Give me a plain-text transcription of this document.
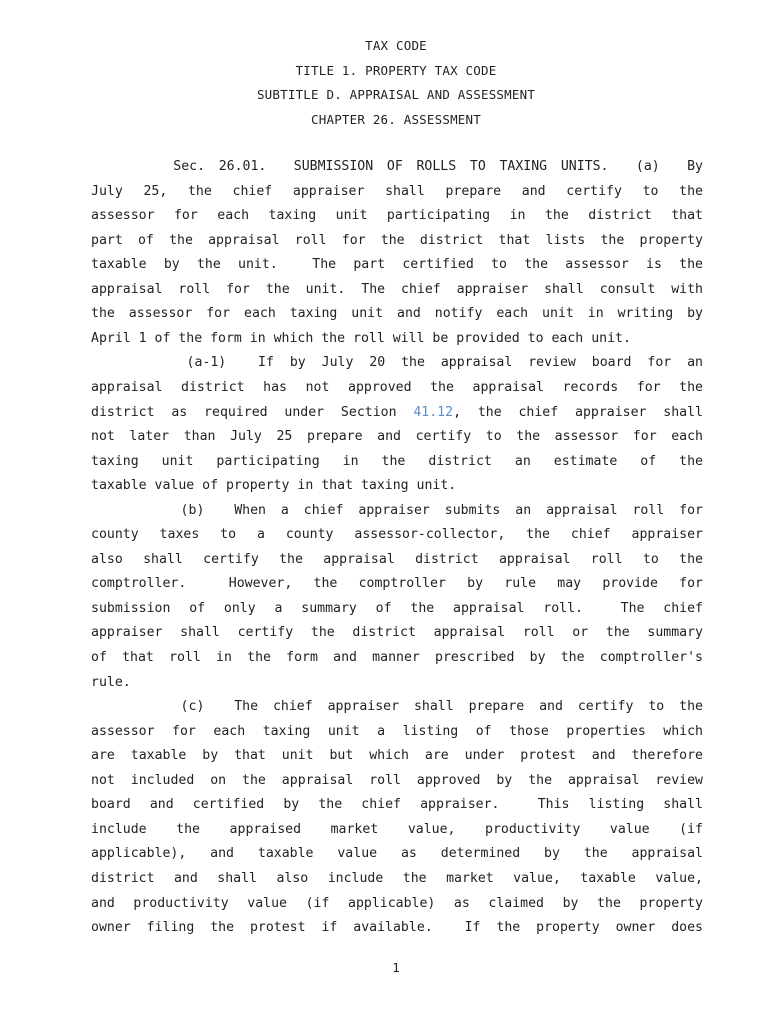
TAX CODE
TITLE 1. PROPERTY TAX CODE
SUBTITLE D. APPRAISAL AND ASSESSMENT
CHAPTER 26. ASSESSMENT
Sec. 26.01.  SUBMISSION OF ROLLS TO TAXING UNITS.  (a)  By
July 25, the chief appraiser shall prepare and certify to the
assessor for each taxing unit participating in the district that
part of the appraisal roll for the district that lists the property
taxable by the unit.  The part certified to the assessor is the
appraisal roll for the unit. The chief appraiser shall consult with
the assessor for each taxing unit and notify each unit in writing by
April 1 of the form in which the roll will be provided to each unit.
(a-1)  If by July 20 the appraisal review board for an
appraisal district has not approved the appraisal records for the
district as required under Section 41.12, the chief appraiser shall
not later than July 25 prepare and certify to the assessor for each
taxing unit participating in the district an estimate of the
taxable value of property in that taxing unit.
(b)  When a chief appraiser submits an appraisal roll for
county taxes to a county assessor-collector, the chief appraiser
also shall certify the appraisal district appraisal roll to the
comptroller.  However, the comptroller by rule may provide for
submission of only a summary of the appraisal roll.  The chief
appraiser shall certify the district appraisal roll or the summary
of that roll in the form and manner prescribed by the comptroller's
rule.
(c)  The chief appraiser shall prepare and certify to the
assessor for each taxing unit a listing of those properties which
are taxable by that unit but which are under protest and therefore
not included on the appraisal roll approved by the appraisal review
board and certified by the chief appraiser.  This listing shall
include the appraised market value, productivity value (if
applicable), and taxable value as determined by the appraisal
district and shall also include the market value, taxable value,
and productivity value (if applicable) as claimed by the property
owner filing the protest if available.  If the property owner does
1
